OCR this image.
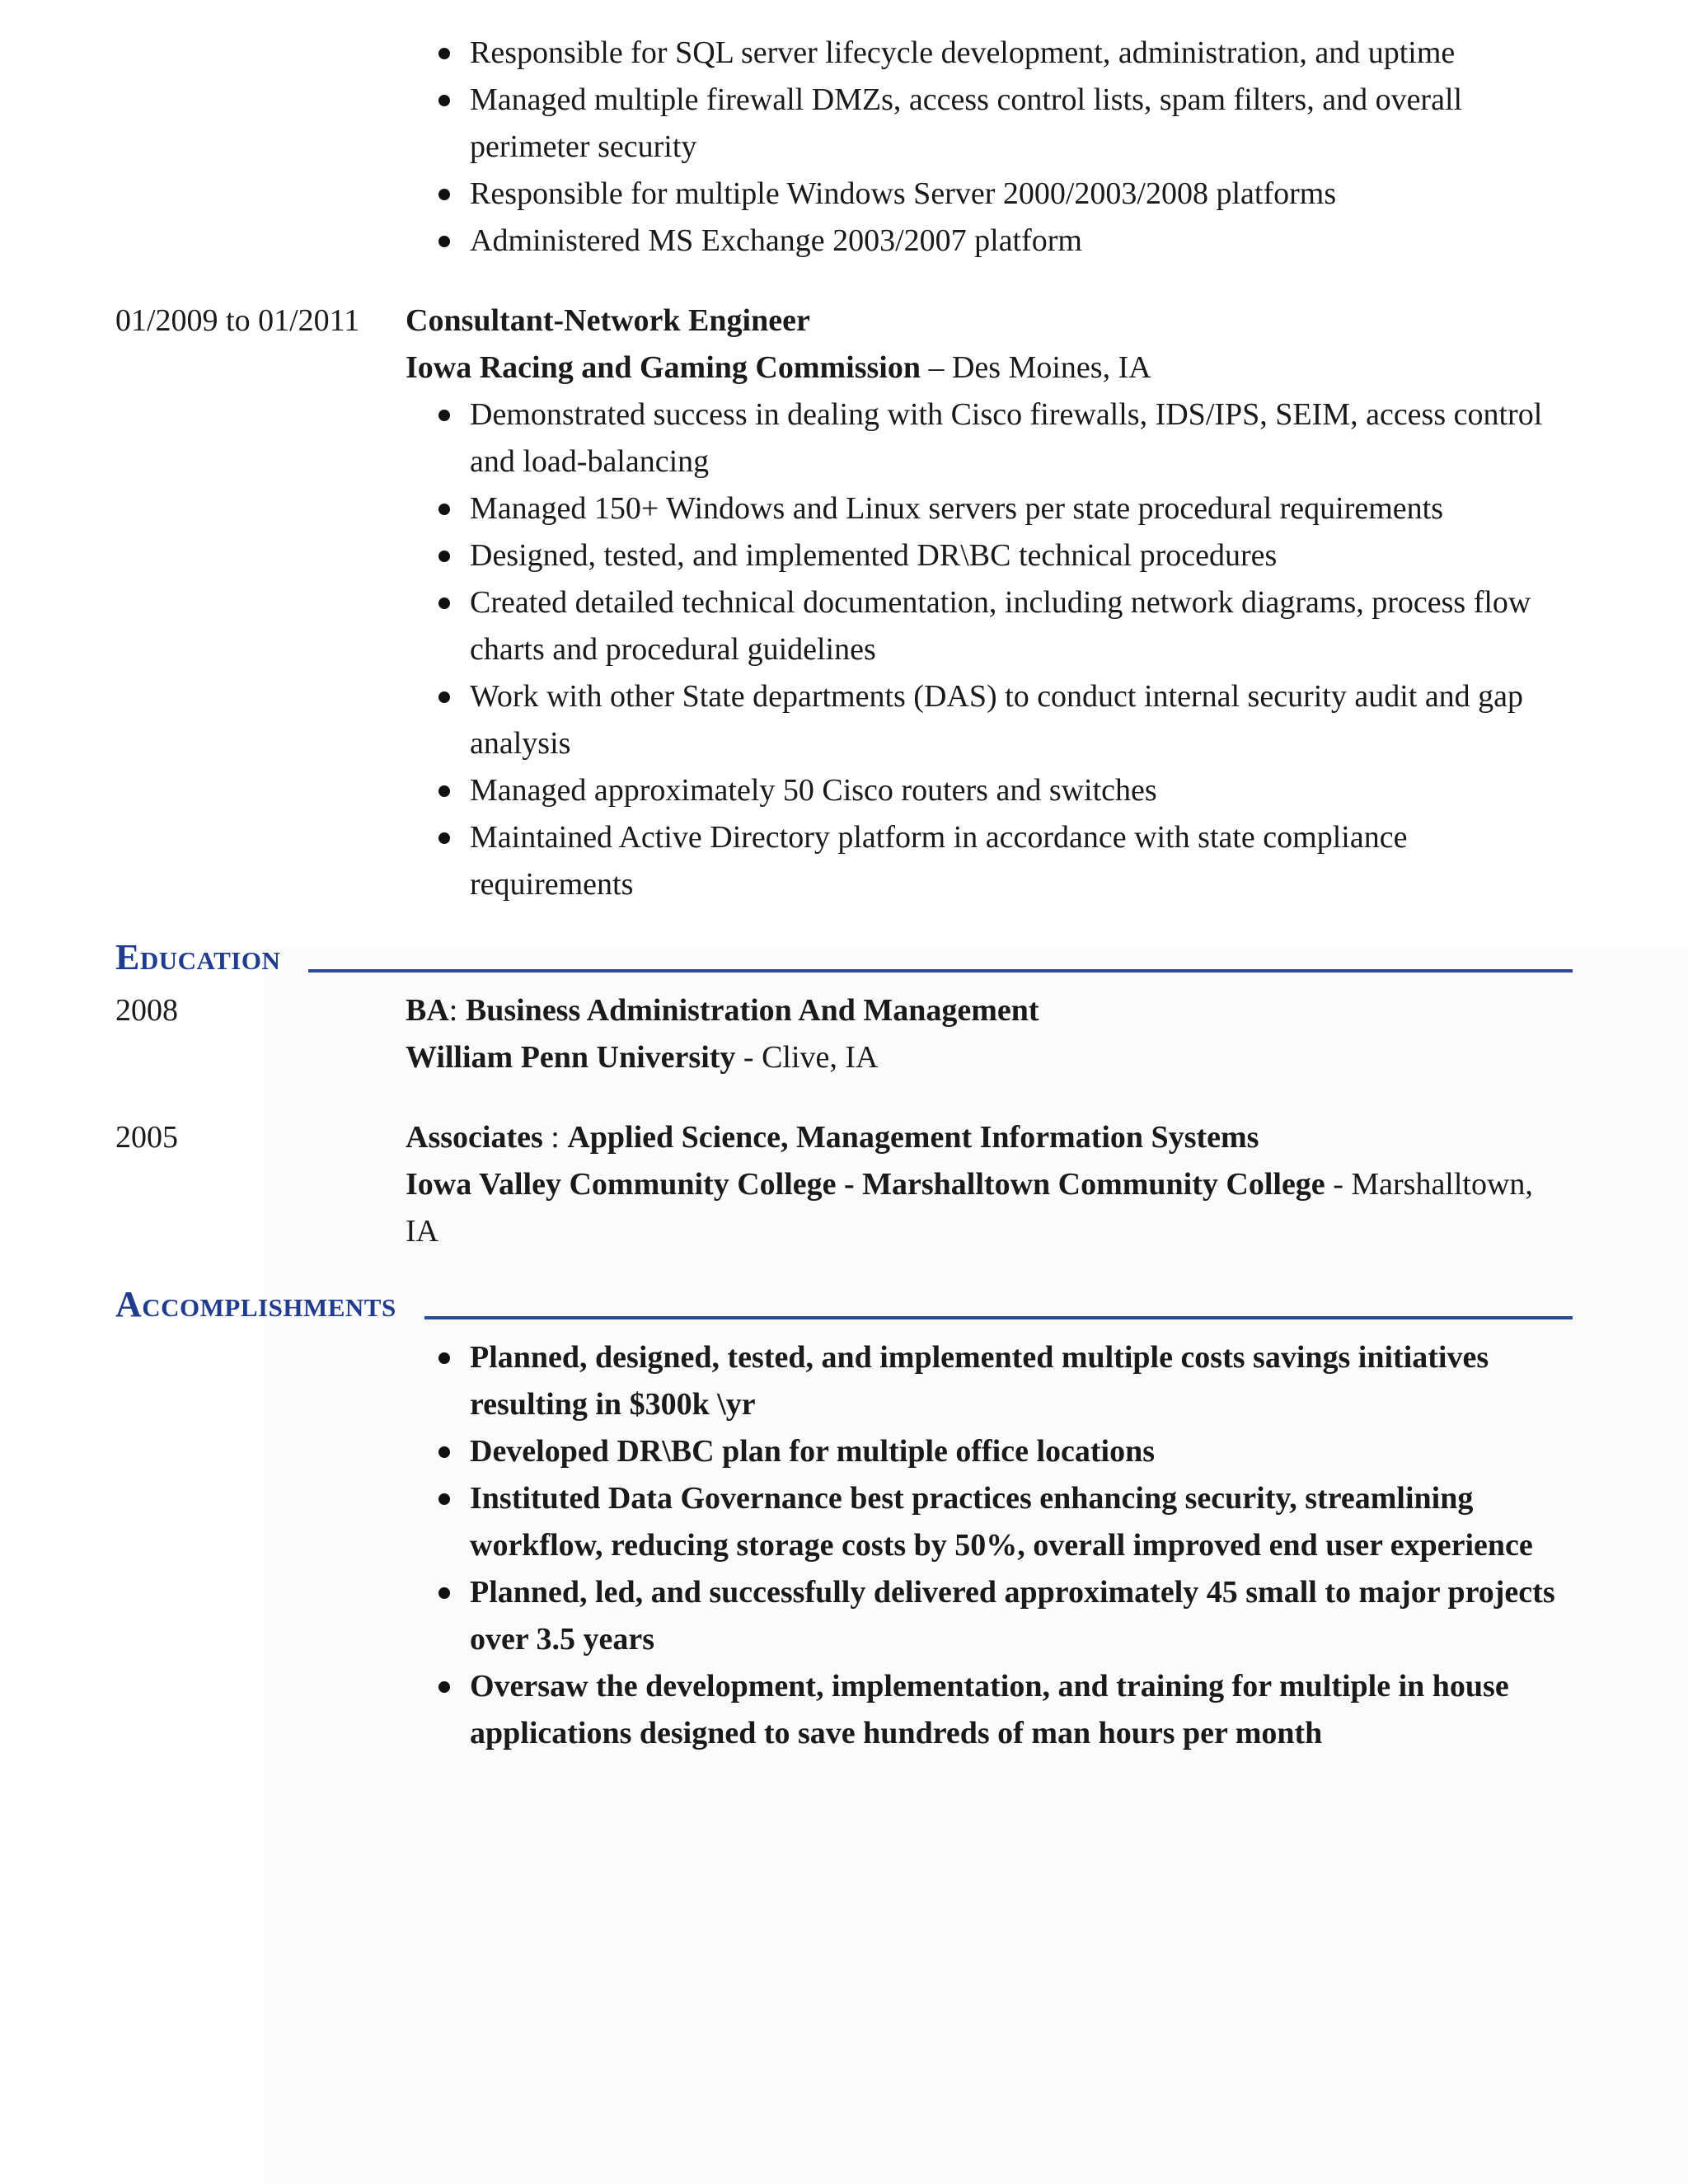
Responsible for SQL server lifecycle development, administration, and uptime
Managed multiple firewall DMZs, access control lists, spam filters, and overall perimeter security
Responsible for multiple Windows Server 2000/2003/2008 platforms
Administered MS Exchange 2003/2007 platform
01/2009 to 01/2011	Consultant-Network Engineer
Iowa Racing and Gaming Commission – Des Moines, IA
Demonstrated success in dealing with Cisco firewalls, IDS/IPS, SEIM, access control and load-balancing
Managed 150+ Windows and Linux servers per state procedural requirements
Designed, tested, and implemented DR\BC technical procedures
Created detailed technical documentation, including network diagrams, process flow charts and procedural guidelines
Work with other State departments (DAS) to conduct internal security audit and gap analysis
Managed approximately 50 Cisco routers and switches
Maintained Active Directory platform in accordance with state compliance requirements
Education
2008	BA: Business Administration And Management
William Penn University - Clive, IA
2005	Associates : Applied Science, Management Information Systems
Iowa Valley Community College - Marshalltown Community College - Marshalltown, IA
Accomplishments
Planned, designed, tested, and implemented multiple costs savings initiatives resulting in $300k \yr
Developed DR\BC plan for multiple office locations
Instituted Data Governance best practices enhancing security, streamlining workflow, reducing storage costs by 50%, overall improved end user experience
Planned, led, and successfully delivered approximately 45 small to major projects over 3.5 years
Oversaw the development, implementation, and training for multiple in house applications designed to save hundreds of man hours per month
